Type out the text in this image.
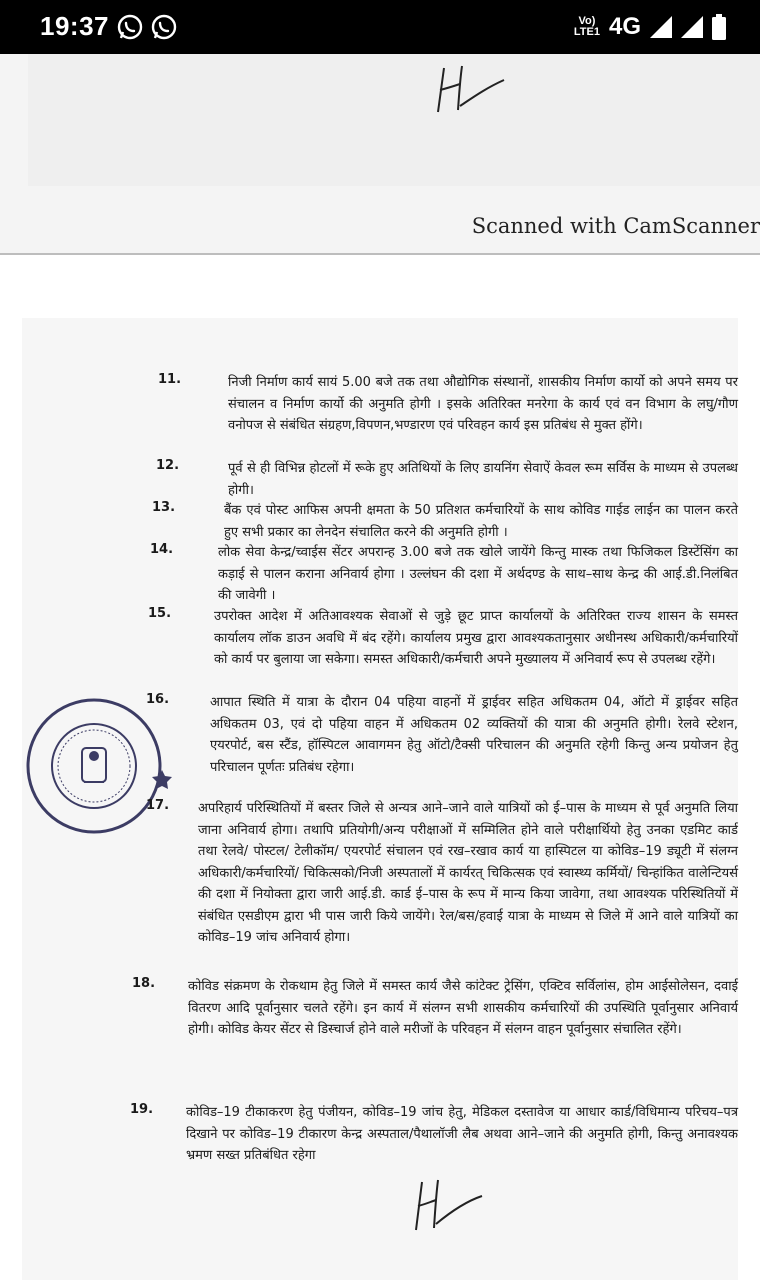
19:37	Vo)
LTE1 4G
Scanned with CamScanner
11.	निजी निर्माण कार्य सायं 5.00 बजे तक तथा औद्योगिक संस्थानों, शासकीय निर्माण कार्यो को अपने समय पर संचालन व निर्माण कार्यो की अनुमति होगी । इसके अतिरिक्त मनरेगा के कार्य एवं वन विभाग के लघु/गौण वनोपज से संबंधित संग्रहण,विपणन,भण्डारण एवं परिवहन कार्य इस प्रतिबंध से मुक्त होंगे।
12.	पूर्व से ही विभिन्न होटलों में रूके हुए अतिथियों के लिए डायनिंग सेवाऐं केवल रूम सर्विस के माध्यम से उपलब्ध होगी।
13.	बैंक एवं पोस्ट आफिस अपनी क्षमता के 50 प्रतिशत कर्मचारियों के साथ कोविड गाईड लाईन का पालन करते हुए सभी प्रकार का लेनदेन संचालित करने की अनुमति होगी ।
14.	लोक सेवा केन्द्र/च्वाईस सेंटर अपरान्ह 3.00 बजे तक खोले जायेंगे किन्तु मास्क तथा फिजिकल डिस्टेंसिंग का कड़ाई से पालन कराना अनिवार्य होगा । उल्लंघन की दशा में अर्थदण्ड के साथ–साथ केन्द्र की आई.डी.निलंबित की जावेगी ।
15.	उपरोक्त आदेश में अतिआवश्यक सेवाओं से जुड़े छूट प्राप्त कार्यालयों के अतिरिक्त राज्य शासन के समस्त कार्यालय लॉक डाउन अवधि में बंद रहेंगे। कार्यालय प्रमुख द्वारा आवश्यकतानुसार अधीनस्थ अधिकारी/कर्मचारियों को कार्य पर बुलाया जा सकेगा। समस्त अधिकारी/कर्मचारी अपने मुख्यालय में अनिवार्य रूप से उपलब्ध रहेंगे।
16.	आपात स्थिति में यात्रा के दौरान 04 पहिया वाहनों में ड्राईवर सहित अधिकतम 04, ऑटो में ड्राईवर सहित अधिकतम 03, एवं दो पहिया वाहन में अधिकतम 02 व्यक्तियों की यात्रा की अनुमति होगी। रेलवे स्टेशन, एयरपोर्ट, बस स्टैंड, हॉस्पिटल आवागमन हेतु ऑटो/टैक्सी परिचालन की अनुमति रहेगी किन्तु अन्य प्रयोजन हेतु परिचालन पूर्णतः प्रतिबंध रहेगा।
17. अपरिहार्य परिस्थितियों में बस्तर जिले से अन्यत्र आने–जाने वाले यात्रियों को ई–पास के माध्यम से पूर्व अनुमति लिया जाना अनिवार्य होगा। तथापि प्रतियोगी/अन्य परीक्षाओं में सम्मिलित होने वाले परीक्षार्थियो हेतु उनका एडमिट कार्ड तथा रेलवे/ पोस्टल/ टेलीकॉम/ एयरपोर्ट संचालन एवं रख–रखाव कार्य या हास्पिटल या कोविड–19 ड्यूटी में संलग्न अधिकारी/कर्मचारियों/ चिकित्सको/निजी अस्पतालों में कार्यरत् चिकित्सक एवं स्वास्थ्य कर्मियों/ चिन्हांकित वालेन्टियर्स की दशा में नियोक्ता द्वारा जारी आई.डी. कार्ड ई–पास के रूप में मान्य किया जावेगा, तथा आवश्यक परिस्थितियों में संबंधित एसडीएम द्वारा भी पास जारी किये जायेंगे। रेल/बस/हवाई यात्रा के माध्यम से जिले में आने वाले यात्रियों का कोविड–19 जांच अनिवार्य होगा।
18.	कोविड संक्रमण के रोकथाम हेतु जिले में समस्त कार्य जैसे कांटेक्ट ट्रेसिंग, एक्टिव सर्विलांस, होम आईसोलेसन, दवाई वितरण आदि पूर्वानुसार चलते रहेंगे। इन कार्य में संलग्न सभी शासकीय कर्मचारियों की उपस्थिति पूर्वानुसार अनिवार्य होगी। कोविड केयर सेंटर से डिस्चार्ज होने वाले मरीजों के परिवहन में संलग्न वाहन पूर्वानुसार संचालित रहेंगे।
19.	कोविड–19 टीकाकरण हेतु पंजीयन, कोविड–19 जांच हेतु, मेडिकल दस्तावेज या आधार कार्ड/विधिमान्य परिचय–पत्र दिखाने पर कोविड–19 टीकारण केन्द्र अस्पताल/पैथालॉजी लैब अथवा आने–जाने की अनुमति होगी, किन्तु अनावश्यक भ्रमण सख्त प्रतिबंधित रहेगा
